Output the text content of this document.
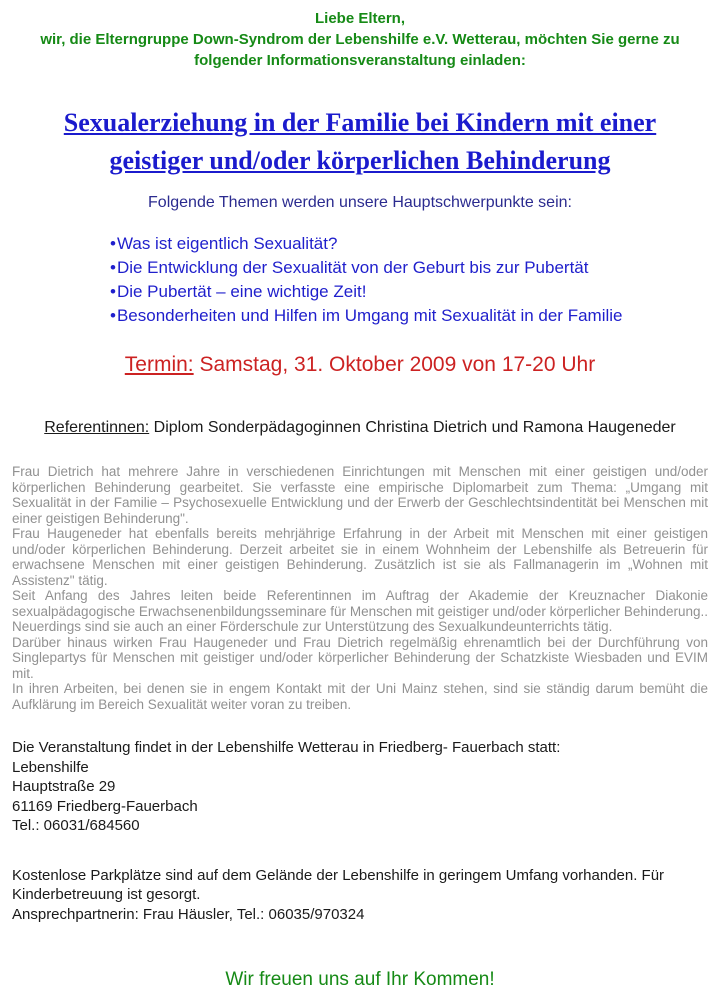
Liebe Eltern,
wir, die Elterngruppe Down-Syndrom der Lebenshilfe e.V. Wetterau, möchten Sie gerne zu
folgender Informationsveranstaltung einladen:
Sexualerziehung in der Familie bei Kindern mit einer
geistiger und/oder körperlichen Behinderung
Folgende Themen werden unsere Hauptschwerpunkte sein:
•Was ist eigentlich Sexualität?
•Die Entwicklung der Sexualität von der Geburt bis zur Pubertät
•Die Pubertät – eine wichtige Zeit!
•Besonderheiten und Hilfen im Umgang mit Sexualität in der Familie
Termin: Samstag, 31. Oktober 2009 von 17-20 Uhr
Referentinnen: Diplom Sonderpädagoginnen Christina Dietrich und Ramona Haugeneder

Frau Dietrich hat mehrere Jahre in verschiedenen Einrichtungen mit Menschen mit einer geistigen und/oder körperlichen Behinderung gearbeitet. Sie verfasste eine empirische Diplomarbeit zum Thema: „Umgang mit Sexualität in der Familie – Psychosexuelle Entwicklung und der Erwerb der Geschlechtsindentität bei Menschen mit einer geistigen Behinderung".

Frau Haugeneder hat ebenfalls bereits mehrjährige Erfahrung in der Arbeit mit Menschen mit einer geistigen und/oder körperlichen Behinderung. Derzeit arbeitet sie in einem Wohnheim der Lebenshilfe als Betreuerin für erwachsene Menschen mit einer geistigen Behinderung. Zusätzlich ist sie als Fallmanagerin im „Wohnen mit Assistenz" tätig.

Seit Anfang des Jahres leiten beide Referentinnen im Auftrag der Akademie der Kreuznacher Diakonie sexualpädagogische Erwachsenenbildungsseminare für Menschen mit geistiger und/oder körperlicher Behinderung.. Neuerdings sind sie auch an einer Förderschule zur Unterstützung des Sexualkundeunterrichts tätig.

Darüber hinaus wirken Frau Haugeneder und Frau Dietrich regelmäßig ehrenamtlich bei der Durchführung von Singlepartys für Menschen mit geistiger und/oder körperlicher Behinderung der Schatzkiste Wiesbaden und EVIM mit.

In ihren Arbeiten, bei denen sie in engem Kontakt mit der Uni Mainz stehen, sind sie ständig darum bemüht die Aufklärung im Bereich Sexualität weiter voran zu treiben.

Die Veranstaltung findet in der Lebenshilfe Wetterau in Friedberg- Fauerbach statt:
Lebenshilfe
Hauptstraße 29
61169 Friedberg-Fauerbach
Tel.: 06031/684560

Kostenlose Parkplätze sind auf dem Gelände der Lebenshilfe in geringem Umfang vorhanden. Für Kinderbetreuung ist gesorgt.

Ansprechpartnerin: Frau Häusler, Tel.: 06035/970324

Wir freuen uns auf Ihr Kommen!
